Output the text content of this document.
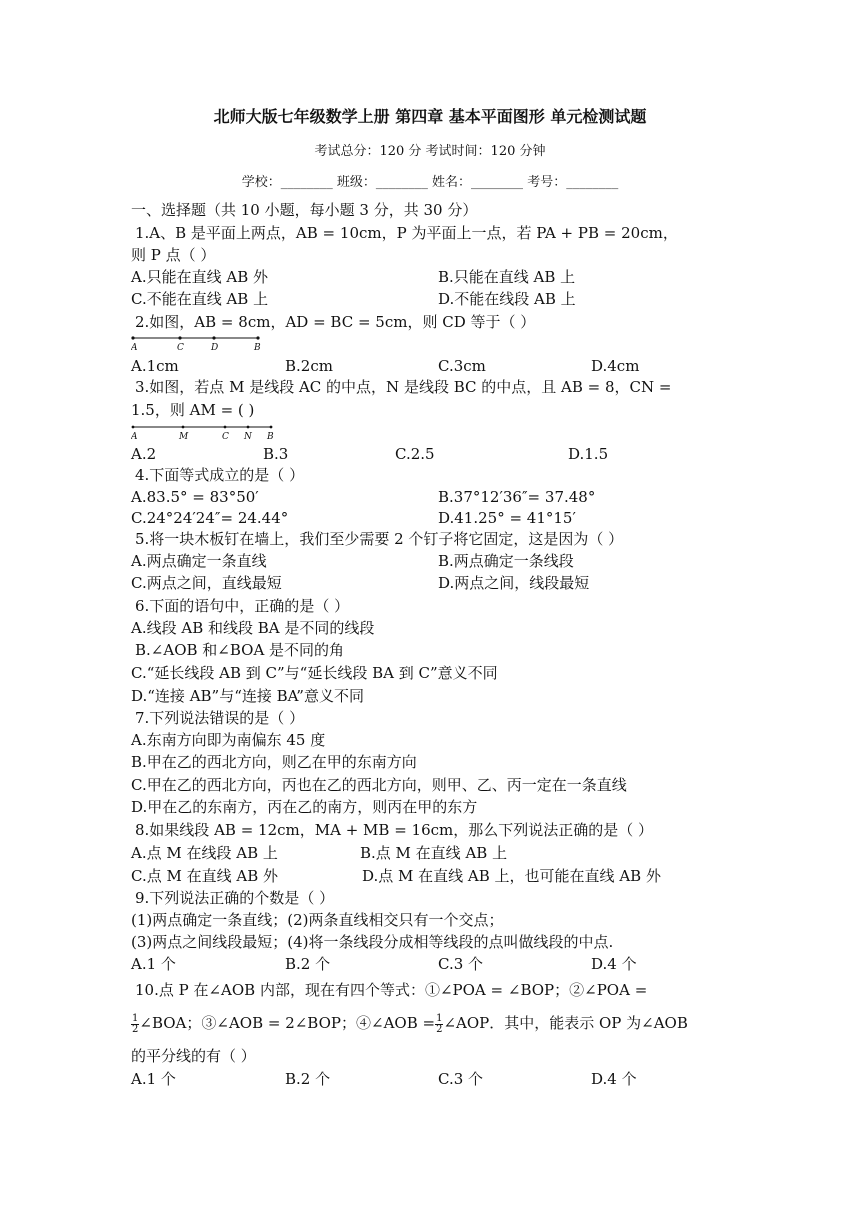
北师大版七年级数学上册 第四章 基本平面图形 单元检测试题
考试总分：120 分 考试时间：120 分钟
学校：________ 班级：________ 姓名：________ 考号：________
一、选择题（共 10 小题，每小题 3 分，共 30 分）
1.A、B 是平面上两点，AB = 10cm，P 为平面上一点，若 PA + PB = 20cm，
则 P 点（ ）
A.只能在直线 AB 外	B.只能在直线 AB 上
C.不能在直线 AB 上	D.不能在线段 AB 上
2.如图，AB = 8cm，AD = BC = 5cm，则 CD 等于（ ）
A	C	D	B
A.1cm	B.2cm	C.3cm	D.4cm
3.如图，若点 M 是线段 AC 的中点，N 是线段 BC 的中点，且 AB = 8，CN =
1.5，则 AM = ( )
A	M	C N B
A.2	B.3	C.2.5	D.1.5
4.下面等式成立的是（ ）
A.83.5° = 83°50′	B.37°12′36″= 37.48°
C.24°24′24″= 24.44°	D.41.25° = 41°15′
5.将一块木板钉在墙上，我们至少需要 2 个钉子将它固定，这是因为（ ）
A.两点确定一条直线	B.两点确定一条线段
C.两点之间，直线最短	D.两点之间，线段最短
6.下面的语句中，正确的是（ ）
A.线段 AB 和线段 BA 是不同的线段
B.∠AOB 和∠BOA 是不同的角
C.“延长线段 AB 到 C”与“延长线段 BA 到 C”意义不同
D.“连接 AB”与“连接 BA”意义不同
7.下列说法错误的是（ ）
A.东南方向即为南偏东 45 度
B.甲在乙的西北方向，则乙在甲的东南方向
C.甲在乙的西北方向，丙也在乙的西北方向，则甲、乙、丙一定在一条直线
D.甲在乙的东南方，丙在乙的南方，则丙在甲的东方
8.如果线段 AB = 12cm，MA + MB = 16cm，那么下列说法正确的是（ ）
A.点 M 在线段 AB 上	B.点 M 在直线 AB 上
C.点 M 在直线 AB 外	D.点 M 在直线 AB 上，也可能在直线 AB 外
9.下列说法正确的个数是（ ）
(1)两点确定一条直线；(2)两条直线相交只有一个交点；
(3)两点之间线段最短；(4)将一条线段分成相等线段的点叫做线段的中点.
A.1 个	B.2 个	C.3 个	D.4 个
10.点 P 在∠AOB 内部，现在有四个等式：①∠POA = ∠BOP；②∠POA =
$\frac{1}{2}$ ∠BOA；③∠AOB = 2∠BOP；④∠AOB = $\frac{1}{2}$ ∠AOP．其中，能表示 OP 为∠AOB
的平分线的有（ ）
A.1 个	B.2 个	C.3 个	D.4 个
